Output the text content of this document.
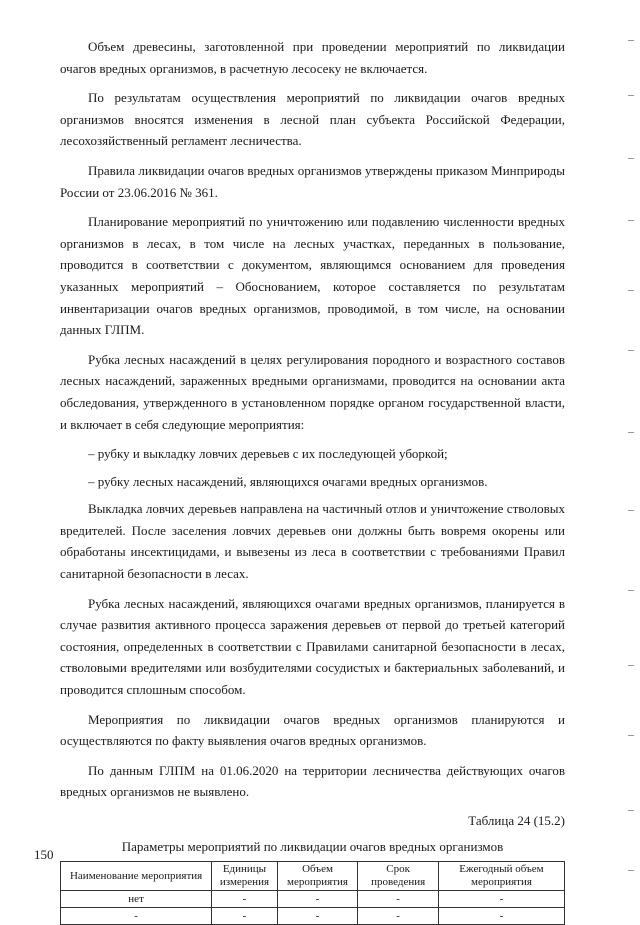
Объем древесины, заготовленной при проведении мероприятий по ликвидации очагов вредных организмов, в расчетную лесосеку не включается.

По результатам осуществления мероприятий по ликвидации очагов вредных организмов вносятся изменения в лесной план субъекта Российской Федерации, лесохозяйственный регламент лесничества.

Правила ликвидации очагов вредных организмов утверждены приказом Минприроды России от 23.06.2016 № 361.

Планирование мероприятий по уничтожению или подавлению численности вредных организмов в лесах, в том числе на лесных участках, переданных в пользование, проводится в соответствии с документом, являющимся основанием для проведения указанных мероприятий – Обоснованием, которое составляется по результатам инвентаризации очагов вредных организмов, проводимой, в том числе, на основании данных ГЛПМ.

Рубка лесных насаждений в целях регулирования породного и возрастного составов лесных насаждений, зараженных вредными организмами, проводится на основании акта обследования, утвержденного в установленном порядке органом государственной власти, и включает в себя следующие мероприятия:

– рубку и выкладку ловчих деревьев с их последующей уборкой;

– рубку лесных насаждений, являющихся очагами вредных организмов.

Выкладка ловчих деревьев направлена на частичный отлов и уничтожение стволовых вредителей. После заселения ловчих деревьев они должны быть вовремя окорены или обработаны инсектицидами, и вывезены из леса в соответствии с требованиями Правил санитарной безопасности в лесах.

Рубка лесных насаждений, являющихся очагами вредных организмов, планируется в случае развития активного процесса заражения деревьев от первой до третьей категорий состояния, определенных в соответствии с Правилами санитарной безопасности в лесах, стволовыми вредителями или возбудителями сосудистых и бактериальных заболеваний, и проводится сплошным способом.

Мероприятия по ликвидации очагов вредных организмов планируются и осуществляются по факту выявления очагов вредных организмов.

По данным ГЛПМ на 01.06.2020 на территории лесничества действующих очагов вредных организмов не выявлено.

Таблица 24 (15.2)
Параметры мероприятий по ликвидации очагов вредных организмов
Наименование мероприятия	Единицы измерения	Объем мероприятия	Срок проведения	Ежегодный объем мероприятия
нет	-	-	-	-
-	-	-	-	-
150
